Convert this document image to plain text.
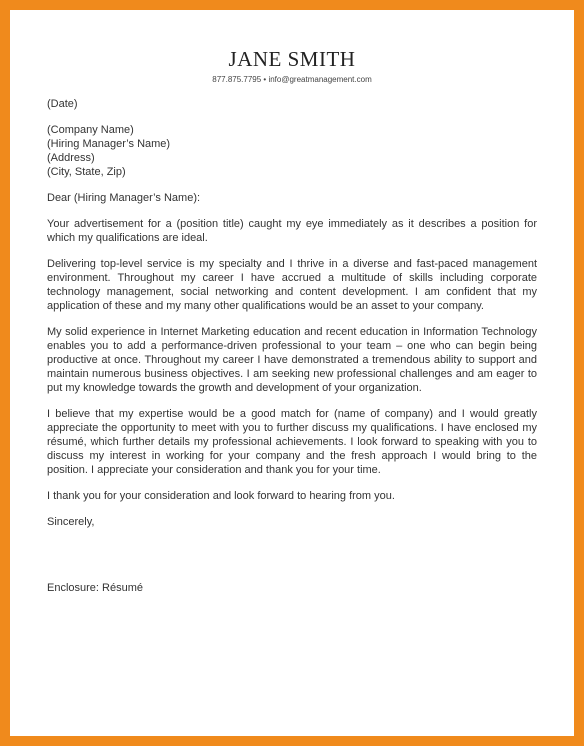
JANE SMITH
877.875.7795 • info@greatmanagement.com
(Date)
(Company Name)
(Hiring Manager’s Name)
(Address)
(City, State, Zip)
Dear (Hiring Manager’s Name):

Your advertisement for a (position title) caught my eye immediately as it describes a position for which my qualifications are ideal.

Delivering top-level service is my specialty and I thrive in a diverse and fast-paced management environment. Throughout my career I have accrued a multitude of skills including corporate technology management, social networking and content development. I am confident that my application of these and my many other qualifications would be an asset to your company.

My solid experience in Internet Marketing education and recent education in Information Technology enables you to add a performance-driven professional to your team – one who can begin being productive at once. Throughout my career I have demonstrated a tremendous ability to support and maintain numerous business objectives. I am seeking new professional challenges and am eager to put my knowledge towards the growth and development of your organization.

I believe that my expertise would be a good match for (name of company) and I would greatly appreciate the opportunity to meet with you to further discuss my qualifications. I have enclosed my résumé, which further details my professional achievements. I look forward to speaking with you to discuss my interest in working for your company and the fresh approach I would bring to the position. I appreciate your consideration and thank you for your time.

I thank you for your consideration and look forward to hearing from you.

Sincerely,
Enclosure: Résumé
